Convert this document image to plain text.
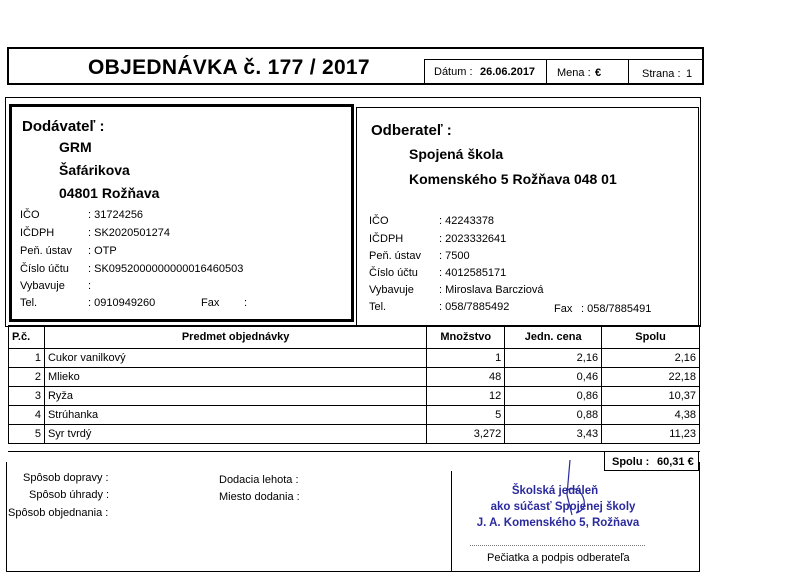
OBJEDNÁVKA č. 177 / 2017	Dátum : 26.06.2017 Mena : €	Strana : 1
Dodávateľ :
GRM
Šafárikova
04801 Rožňava
IČO	: 31724256
IČDPH	: SK2020501274
Peň. ústav : OTP
Číslo účtu : SK0952000000000016460503
Vybavuje :
Tel.	: 0910949260	Fax :
Odberateľ :
Spojená škola
Komenského 5 Rožňava 048 01
IČO	: 42243378
IČDPH	: 2023332641
Peň. ústav : 7500
Číslo účtu : 4012585171
Vybavuje : Miroslava Barcziová
Tel.	: 058/7885492	Fax : 058/7885491
P.č.	Predmet objednávky	Množstvo	Jedn. cena	Spolu
1	Cukor vanilkový	1	2,16	2,16
2	Mlieko	48	0,46	22,18
3	Ryža	12	0,86	10,37
4	Strúhanka	5	0,88	4,38
5	Syr tvrdý	3,272	3,43	11,23
Spolu : 60,31 €
Spôsob dopravy :
Spôsob úhrady :
Spôsob objednania :
Dodacia lehota :
Miesto dodania :	Školská jedáleň
ako súčasť Spojenej školy
J. A. Komenského 5, Rožňava
Pečiatka a podpis odberateľa
